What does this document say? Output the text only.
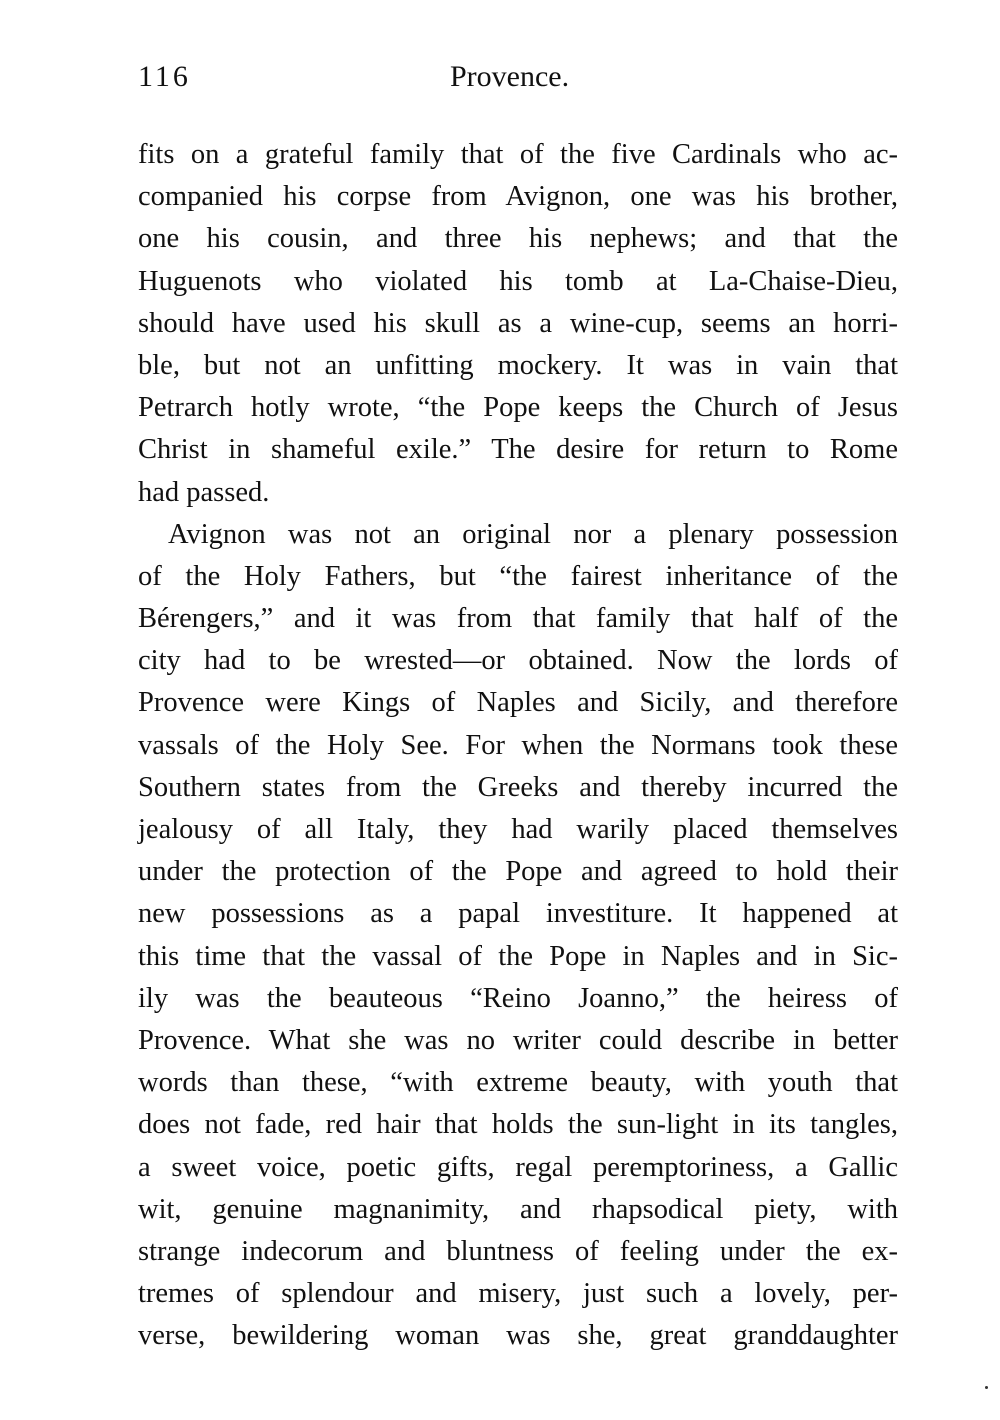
116	Provence.
fits on a grateful family that of the five Cardinals who ac-
companied his corpse from Avignon, one was his brother,
one his cousin, and three his nephews; and that the
Huguenots who violated his tomb at La-Chaise-Dieu,
should have used his skull as a wine-cup, seems an horri-
ble, but not an unfitting mockery. It was in vain that
Petrarch hotly wrote, “the Pope keeps the Church of Jesus
Christ in shameful exile.” The desire for return to Rome
had passed.
Avignon was not an original nor a plenary possession
of the Holy Fathers, but “the fairest inheritance of the
Bérengers,” and it was from that family that half of the
city had to be wrested—or obtained. Now the lords of
Provence were Kings of Naples and Sicily, and therefore
vassals of the Holy See. For when the Normans took these
Southern states from the Greeks and thereby incurred the
jealousy of all Italy, they had warily placed themselves
under the protection of the Pope and agreed to hold their
new possessions as a papal investiture. It happened at
this time that the vassal of the Pope in Naples and in Sic-
ily was the beauteous “Reino Joanno,” the heiress of
Provence. What she was no writer could describe in better
words than these, “with extreme beauty, with youth that
does not fade, red hair that holds the sun-light in its tangles,
a sweet voice, poetic gifts, regal peremptoriness, a Gallic
wit, genuine magnanimity, and rhapsodical piety, with
strange indecorum and bluntness of feeling under the ex-
tremes of splendour and misery, just such a lovely, per-
verse, bewildering woman was she, great granddaughter
